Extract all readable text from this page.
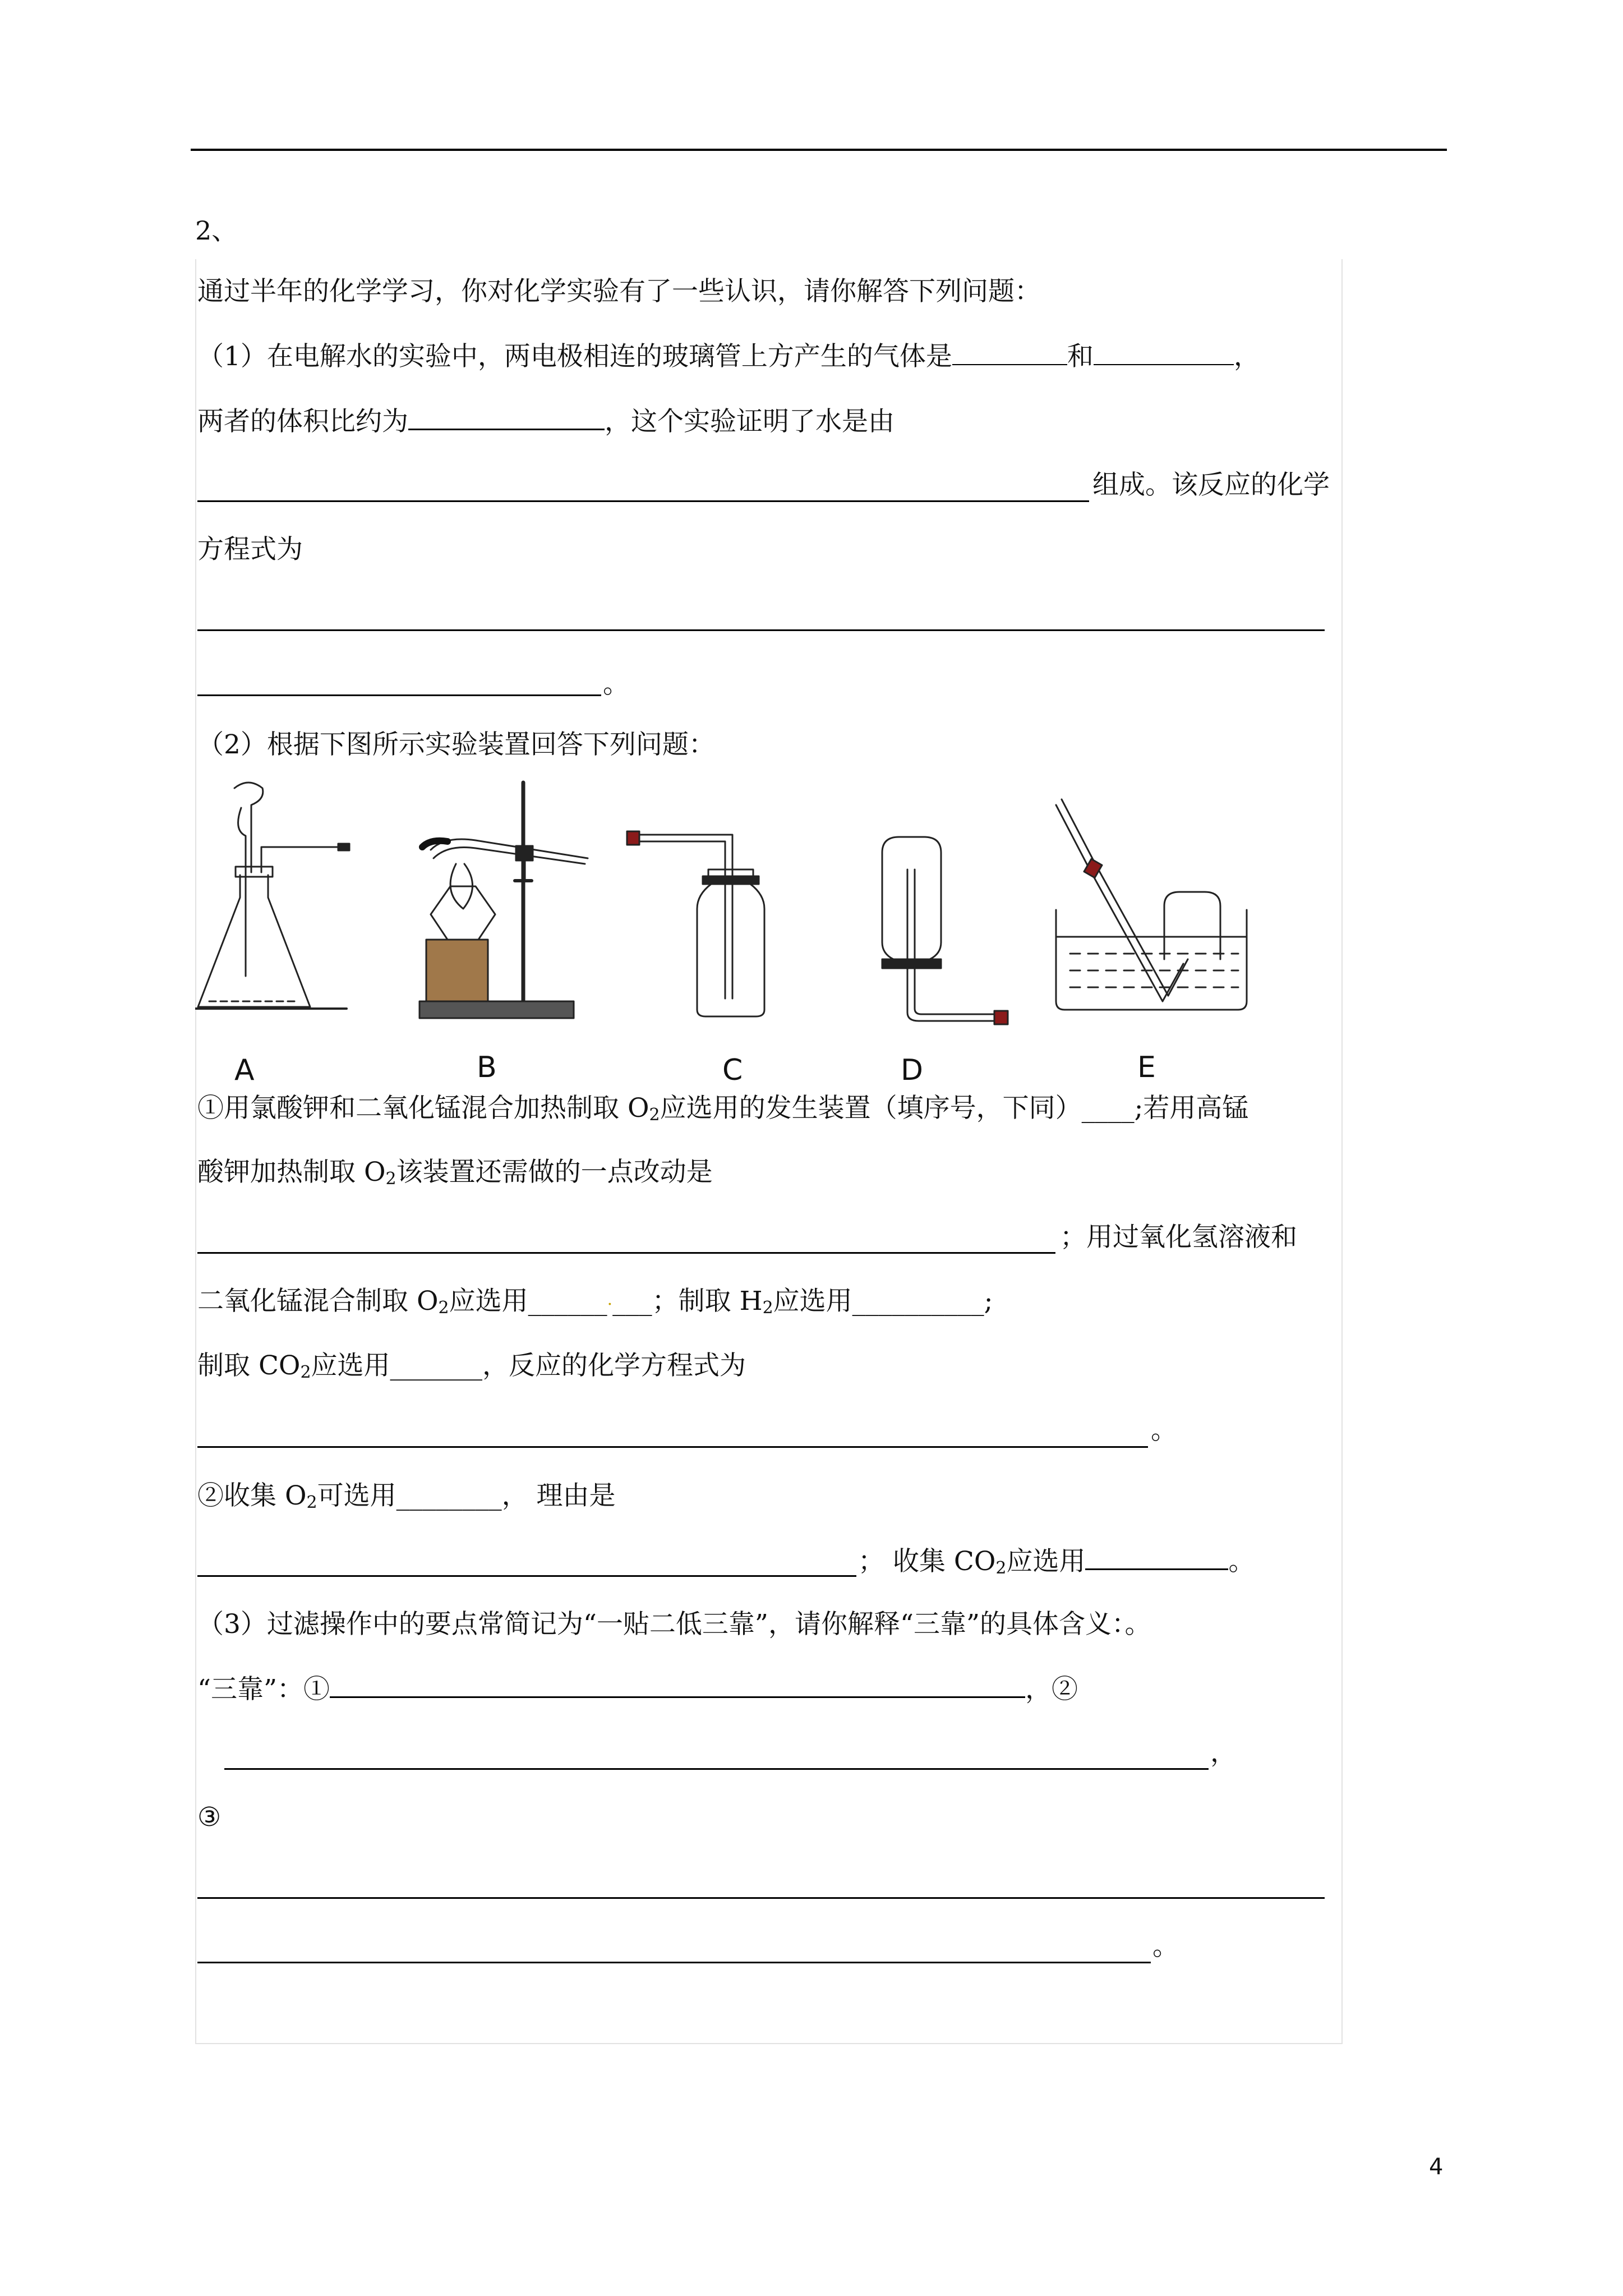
2、
通过半年的化学学习，你对化学实验有了一些认识，请你解答下列问题：
（1）在电解水的实验中，两电极相连的玻璃管上方产生的气体是	和	，
两者的体积比约为	，这个实验证明了水是由
组成。该反应的化学
方程式为
。
（2）根据下图所示实验装置回答下列问题：
A	B	C	D	E
①用氯酸钾和二氧化锰混合加热制取 $O_2$应选用的发生装置（填序号，下同）____;若用高锰
酸钾加热制取 $O_2$该装置还需做的一点改动是
；用过氧化氢溶液和
二氧化锰混合制取 $O_2$应选用______·___；制取 $H_2$应选用__________;
制取 $CO_2$应选用_______，反应的化学方程式为
。
②收集 $O_2$可选用________， 理由是
； 收集 $CO_2$应选用	。
（3）过滤操作中的要点常简记为“一贴二低三靠”，请你解释“三靠”的具体含义：。
“三靠”：①	，②
，
③
。
4
